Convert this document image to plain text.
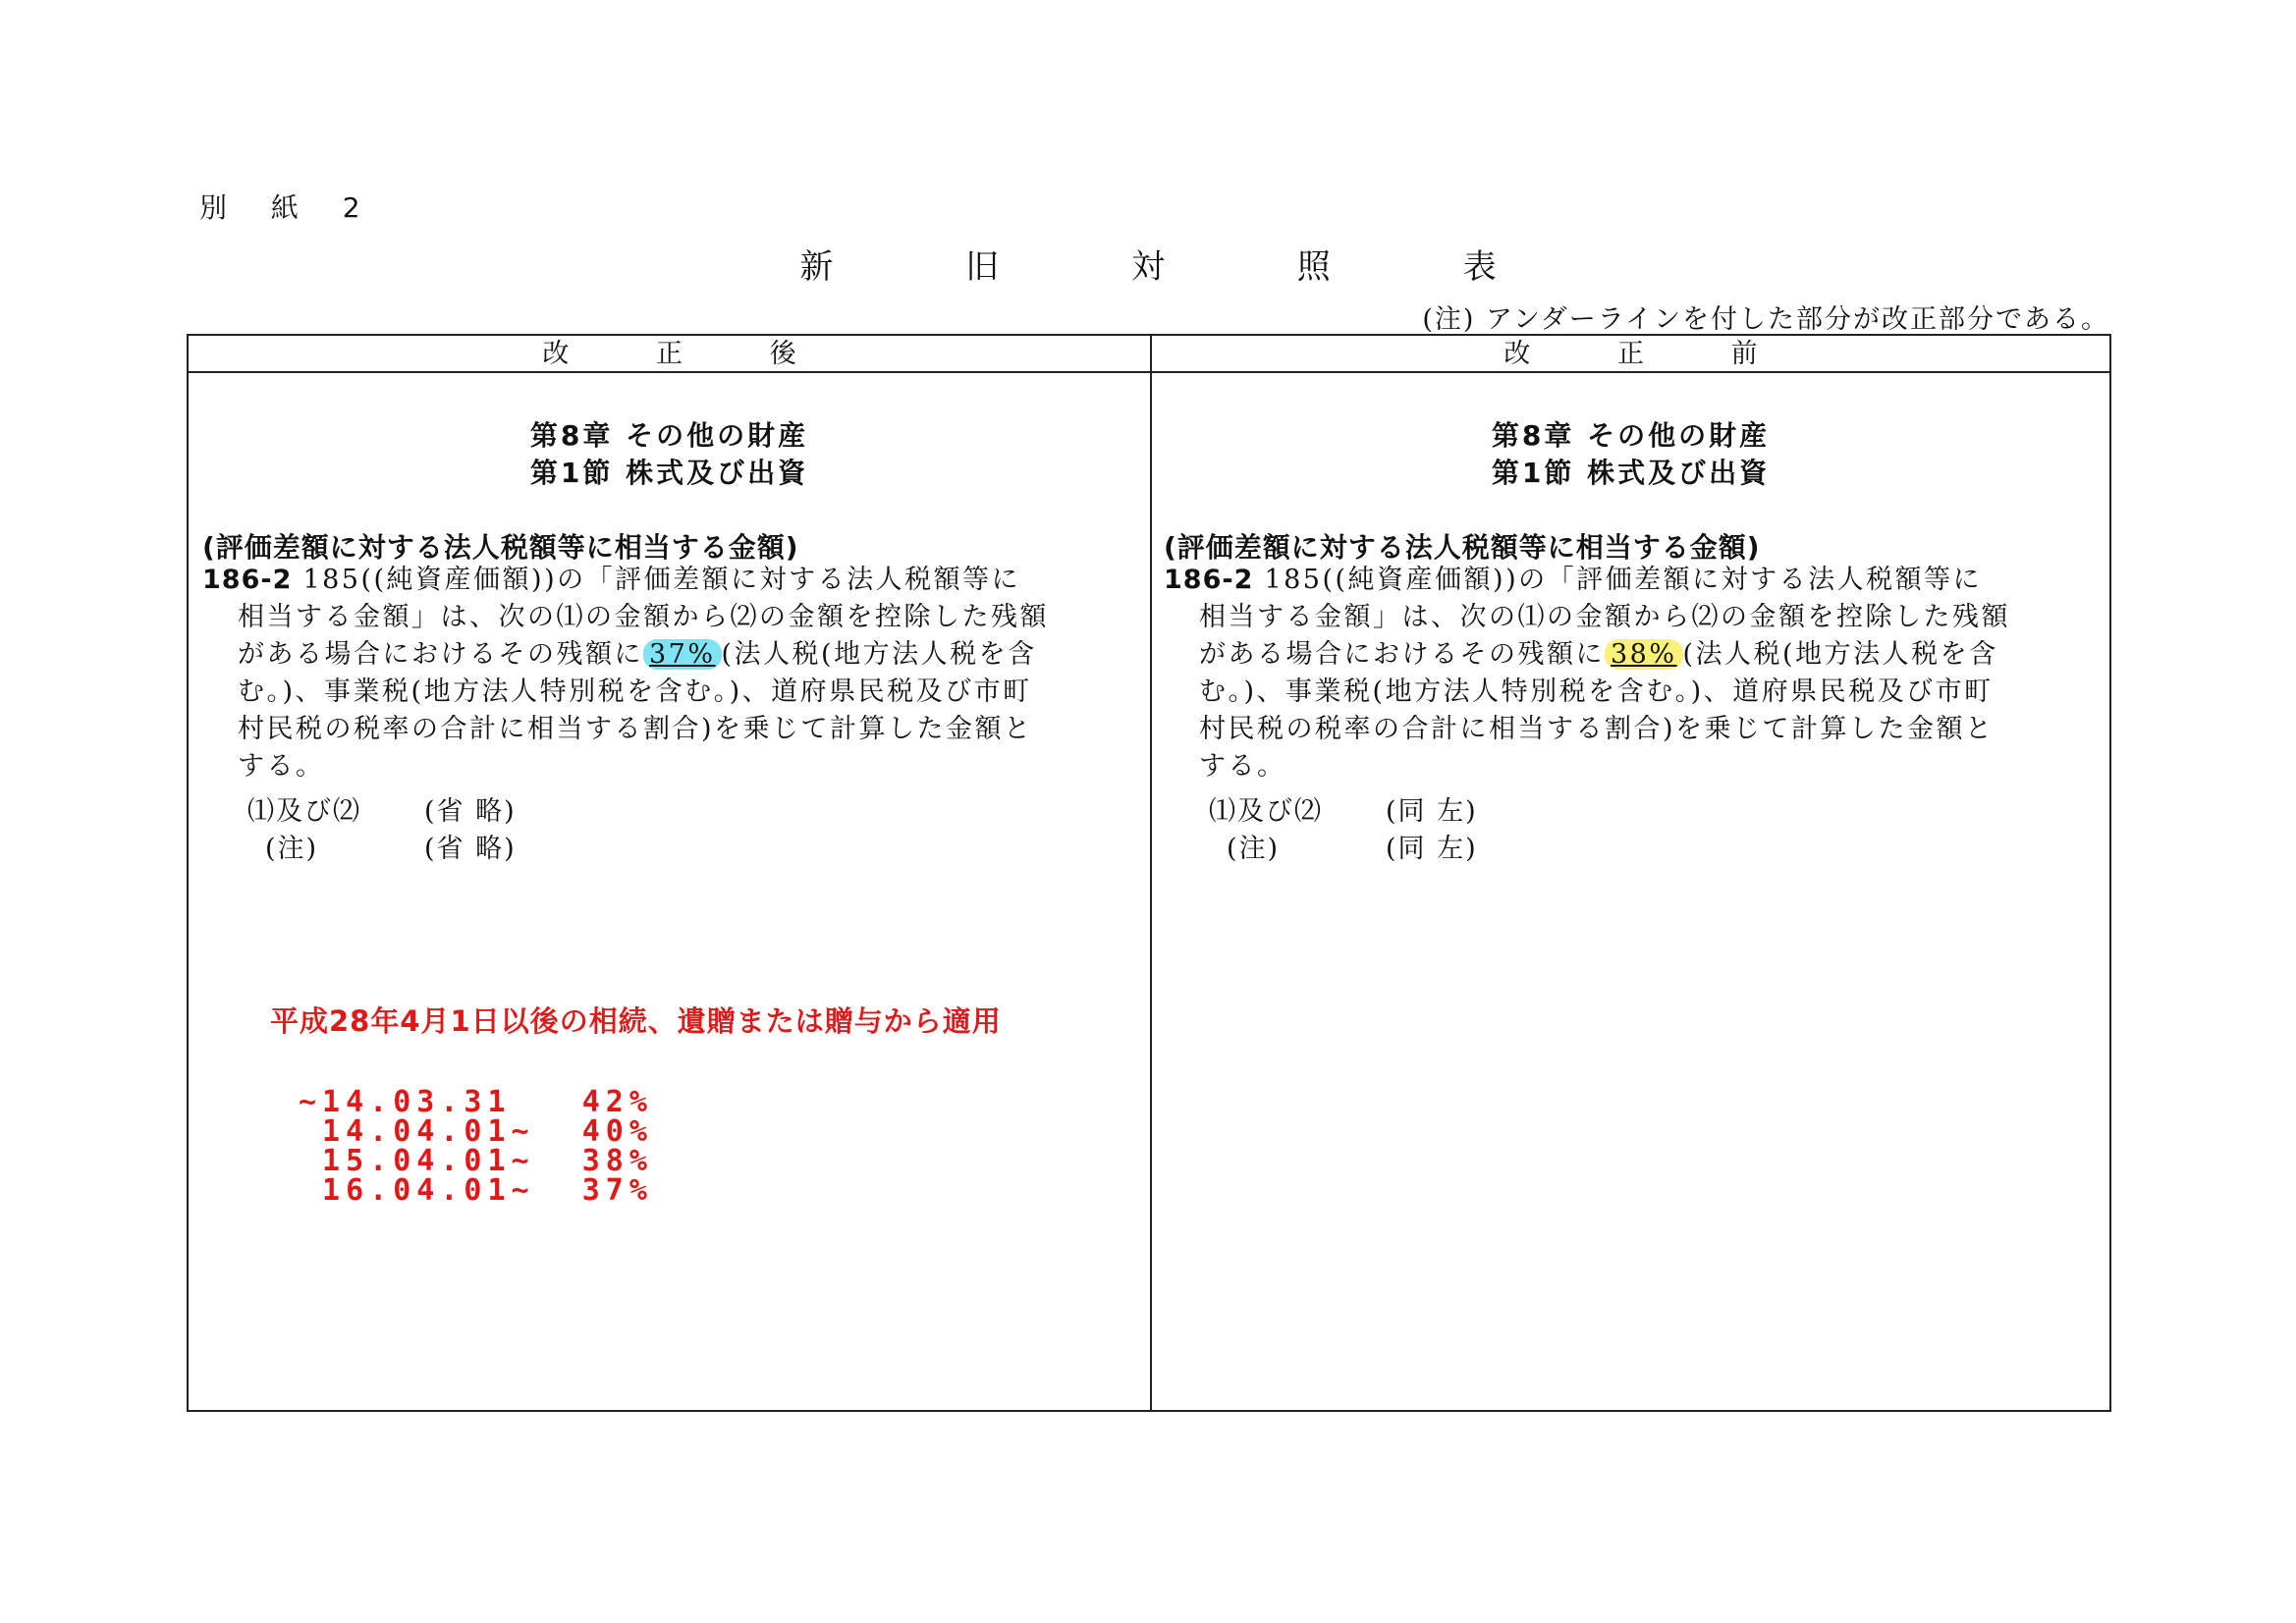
別 紙 2
新 旧 対 照 表
(注) アンダーラインを付した部分が改正部分である。
改 正 後
第8章 その他の財産
第1節 株式及び出資
(評価差額に対する法人税額等に相当する金額)
186-2 185((純資産価額))の「評価差額に対する法人税額等に
相当する金額」は、次の⑴の金額から⑵の金額を控除した残額
がある場合におけるその残額に 37% (法人税(地方法人税を含
む。)、事業税(地方法人特別税を含む。)、道府県民税及び市町
村民税の税率の合計に相当する割合)を乗じて計算した金額と
する。
⑴及び⑵ (省 略)
(注)	(省 略)
平成28年4月1日以後の相続、遺贈または贈与から適用
~14.03.31   42%
14.04.01~  40%
15.04.01~  38%
16.04.01~  37%
改 正 前
第8章 その他の財産
第1節 株式及び出資
(評価差額に対する法人税額等に相当する金額)
186-2 185((純資産価額))の「評価差額に対する法人税額等に
相当する金額」は、次の⑴の金額から⑵の金額を控除した残額
がある場合におけるその残額に 38% (法人税(地方法人税を含
む。)、事業税(地方法人特別税を含む。)、道府県民税及び市町
村民税の税率の合計に相当する割合)を乗じて計算した金額と
する。
⑴及び⑵ (同 左)
(注)	(同 左)
